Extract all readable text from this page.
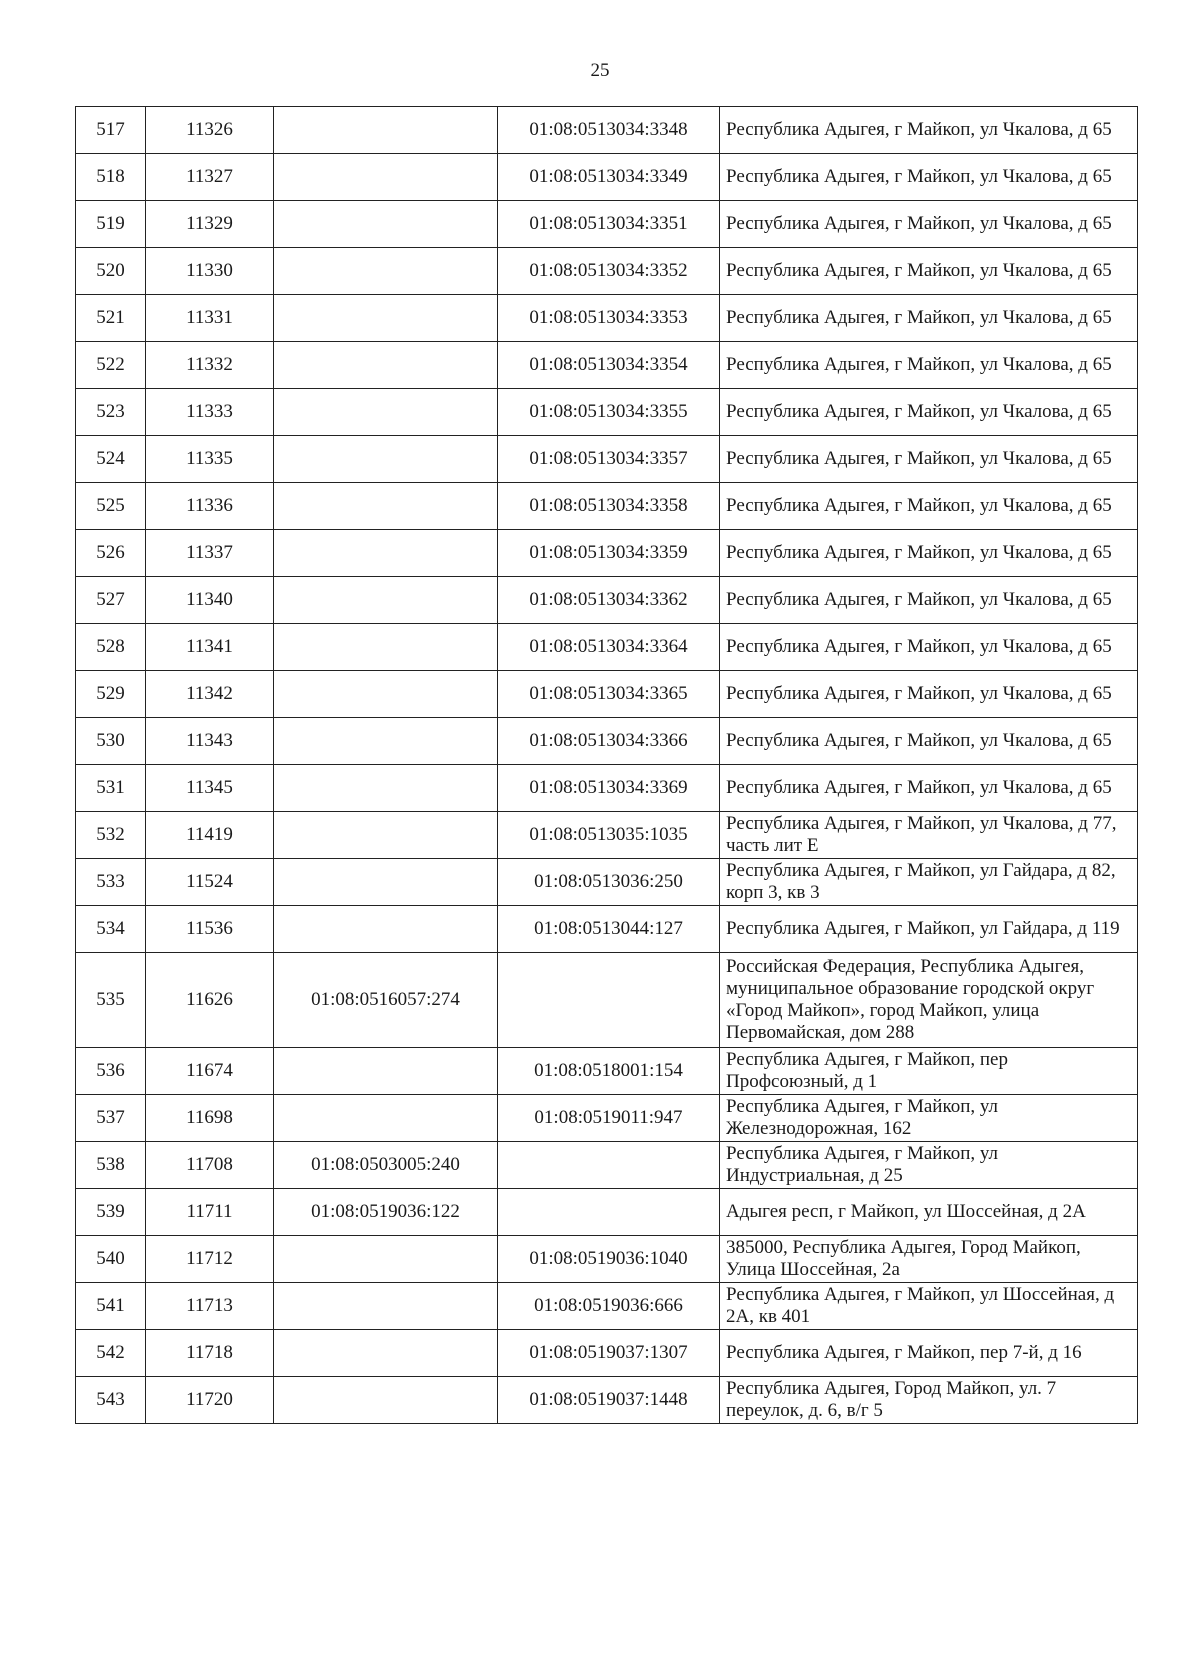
25
517	11326		01:08:0513034:3348	Республика Адыгея, г Майкоп, ул Чкалова, д 65
518	11327		01:08:0513034:3349	Республика Адыгея, г Майкоп, ул Чкалова, д 65
519	11329		01:08:0513034:3351	Республика Адыгея, г Майкоп, ул Чкалова, д 65
520	11330		01:08:0513034:3352	Республика Адыгея, г Майкоп, ул Чкалова, д 65
521	11331		01:08:0513034:3353	Республика Адыгея, г Майкоп, ул Чкалова, д 65
522	11332		01:08:0513034:3354	Республика Адыгея, г Майкоп, ул Чкалова, д 65
523	11333		01:08:0513034:3355	Республика Адыгея, г Майкоп, ул Чкалова, д 65
524	11335		01:08:0513034:3357	Республика Адыгея, г Майкоп, ул Чкалова, д 65
525	11336		01:08:0513034:3358	Республика Адыгея, г Майкоп, ул Чкалова, д 65
526	11337		01:08:0513034:3359	Республика Адыгея, г Майкоп, ул Чкалова, д 65
527	11340		01:08:0513034:3362	Республика Адыгея, г Майкоп, ул Чкалова, д 65
528	11341		01:08:0513034:3364	Республика Адыгея, г Майкоп, ул Чкалова, д 65
529	11342		01:08:0513034:3365	Республика Адыгея, г Майкоп, ул Чкалова, д 65
530	11343		01:08:0513034:3366	Республика Адыгея, г Майкоп, ул Чкалова, д 65
531	11345		01:08:0513034:3369	Республика Адыгея, г Майкоп, ул Чкалова, д 65
532	11419		01:08:0513035:1035	Республика Адыгея, г Майкоп, ул Чкалова, д 77, часть лит Е
533	11524		01:08:0513036:250	Республика Адыгея, г Майкоп, ул Гайдара, д 82, корп 3, кв 3
534	11536		01:08:0513044:127	Республика Адыгея, г Майкоп, ул Гайдара, д 119
535	11626	01:08:0516057:274		Российская Федерация, Республика Адыгея, муниципальное образование городской округ «Город Майкоп», город Майкоп, улица Первомайская, дом 288
536	11674		01:08:0518001:154	Республика Адыгея, г Майкоп, пер Профсоюзный, д 1
537	11698		01:08:0519011:947	Республика Адыгея, г Майкоп, ул Железнодорожная, 162
538	11708	01:08:0503005:240		Республика Адыгея, г Майкоп, ул Индустриальная, д 25
539	11711	01:08:0519036:122		Адыгея респ, г Майкоп, ул Шоссейная, д 2А
540	11712		01:08:0519036:1040	385000, Республика Адыгея, Город Майкоп, Улица Шоссейная, 2а
541	11713		01:08:0519036:666	Республика Адыгея, г Майкоп, ул Шоссейная, д 2А, кв 401
542	11718		01:08:0519037:1307	Республика Адыгея, г Майкоп, пер 7-й, д 16
543	11720		01:08:0519037:1448	Республика Адыгея, Город Майкоп, ул. 7 переулок, д. 6, в/г 5
